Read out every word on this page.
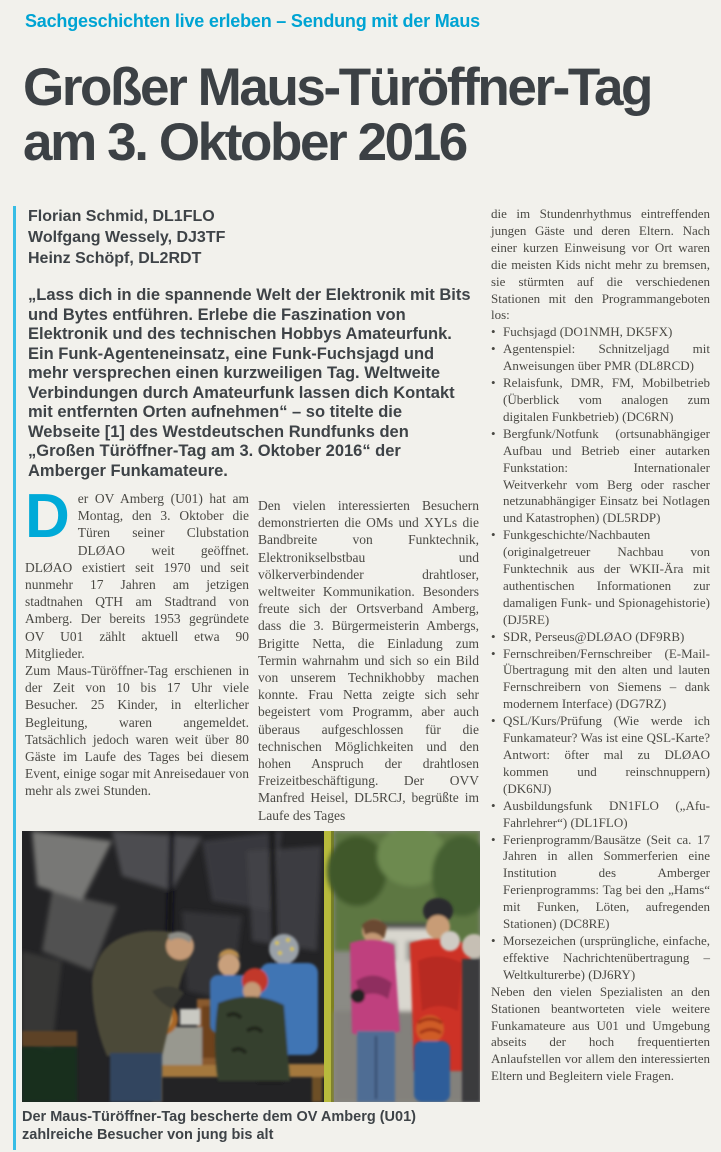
Sachgeschichten live erleben – Sendung mit der Maus
Großer Maus-Türöffner-Tag am 3. Oktober 2016
Florian Schmid, DL1FLO
Wolfgang Wessely, DJ3TF
Heinz Schöpf, DL2RDT
„Lass dich in die spannende Welt der Elektronik mit Bits und Bytes entführen. Erlebe die Faszination von Elektronik und des technischen Hobbys Amateurfunk. Ein Funk-Agenteneinsatz, eine Funk-Fuchsjagd und mehr versprechen einen kurzweiligen Tag. Weltweite Verbindungen durch Amateurfunk lassen dich Kontakt mit entfernten Orten aufnehmen“ – so titelte die Webseite [1] des Westdeutschen Rundfunks den „Großen Türöffner-Tag am 3. Oktober 2016“ der Amberger Funkamateure.

Der OV Amberg (U01) hat am Montag, den 3. Oktober die Türen seiner Clubstation DLØAO weit geöffnet. DLØAO existiert seit 1970 und seit nunmehr 17 Jahren am jetzigen stadtnahen QTH am Stadtrand von Amberg. Der bereits 1953 gegründete OV U01 zählt aktuell etwa 90 Mitglieder.

Zum Maus-Türöffner-Tag erschienen in der Zeit von 10 bis 17 Uhr viele Besucher. 25 Kinder, in elterlicher Begleitung, waren angemeldet. Tatsächlich jedoch waren weit über 80 Gäste im Laufe des Tages bei diesem Event, einige sogar mit Anreisedauer von mehr als zwei Stunden.

Den vielen interessierten Besuchern demonstrierten die OMs und XYLs die Bandbreite von Funktechnik, Elektronikselbstbau und völkerverbindender drahtloser, weltweiter Kommunikation. Besonders freute sich der Ortsverband Amberg, dass die 3. Bürgermeisterin Ambergs, Brigitte Netta, die Einladung zum Termin wahrnahm und sich so ein Bild von unserem Technikhobby machen konnte. Frau Netta zeigte sich sehr begeistert vom Programm, aber auch überaus aufgeschlossen für die technischen Möglichkeiten und den hohen Anspruch der drahtlosen Freizeitbeschäftigung. Der OVV Manfred Heisel, DL5RCJ, begrüßte im Laufe des Tages

die im Stundenrhythmus eintreffenden jungen Gäste und deren Eltern. Nach einer kurzen Einweisung vor Ort waren die meisten Kids nicht mehr zu bremsen, sie stürmten auf die verschiedenen Stationen mit den Programmangeboten los:

• Fuchsjagd (DO1NMH, DK5FX)
• Agentenspiel: Schnitzeljagd mit Anweisungen über PMR (DL8RCD)
• Relaisfunk, DMR, FM, Mobilbetrieb (Überblick vom analogen zum digitalen Funkbetrieb) (DC6RN)
• Bergfunk/Notfunk (ortsunabhängiger Aufbau und Betrieb einer autarken Funkstation: Internationaler Weitverkehr vom Berg oder rascher netzunabhängiger Einsatz bei Notlagen und Katastrophen) (DL5RDP)
• Funkgeschichte/Nachbauten (originalgetreuer Nachbau von Funktechnik aus der WKII-Ära mit authentischen Informationen zur damaligen Funk- und Spionagehistorie) (DJ5RE)
• SDR, Perseus@DLØAO (DF9RB)
• Fernschreiben/Fernschreiber (E-Mail-Übertragung mit den alten und lauten Fernschreibern von Siemens – dank modernem Interface) (DG7RZ)
• QSL/Kurs/Prüfung (Wie werde ich Funkamateur? Was ist eine QSL-Karte? Antwort: öfter mal zu DLØAO kommen und reinschnuppern) (DK6NJ)
• Ausbildungsfunk DN1FLO („Afu-Fahrlehrer“) (DL1FLO)
• Ferienprogramm/Bausätze (Seit ca. 17 Jahren in allen Sommerferien eine Institution des Amberger Ferienprogramms: Tag bei den „Hams“ mit Funken, Löten, aufregenden Stationen) (DC8RE)
• Morsezeichen (ursprüngliche, einfache, effektive Nachrichtenübertragung – Weltkulturerbe) (DJ6RY)

Neben den vielen Spezialisten an den Stationen beantworteten viele weitere Funkamateure aus U01 und Umgebung abseits der hoch frequentierten Anlaufstellen vor allem den interessierten Eltern und Begleitern viele Fragen.

Der Maus-Türöffner-Tag bescherte dem OV Amberg (U01) zahlreiche Besucher von jung bis alt
